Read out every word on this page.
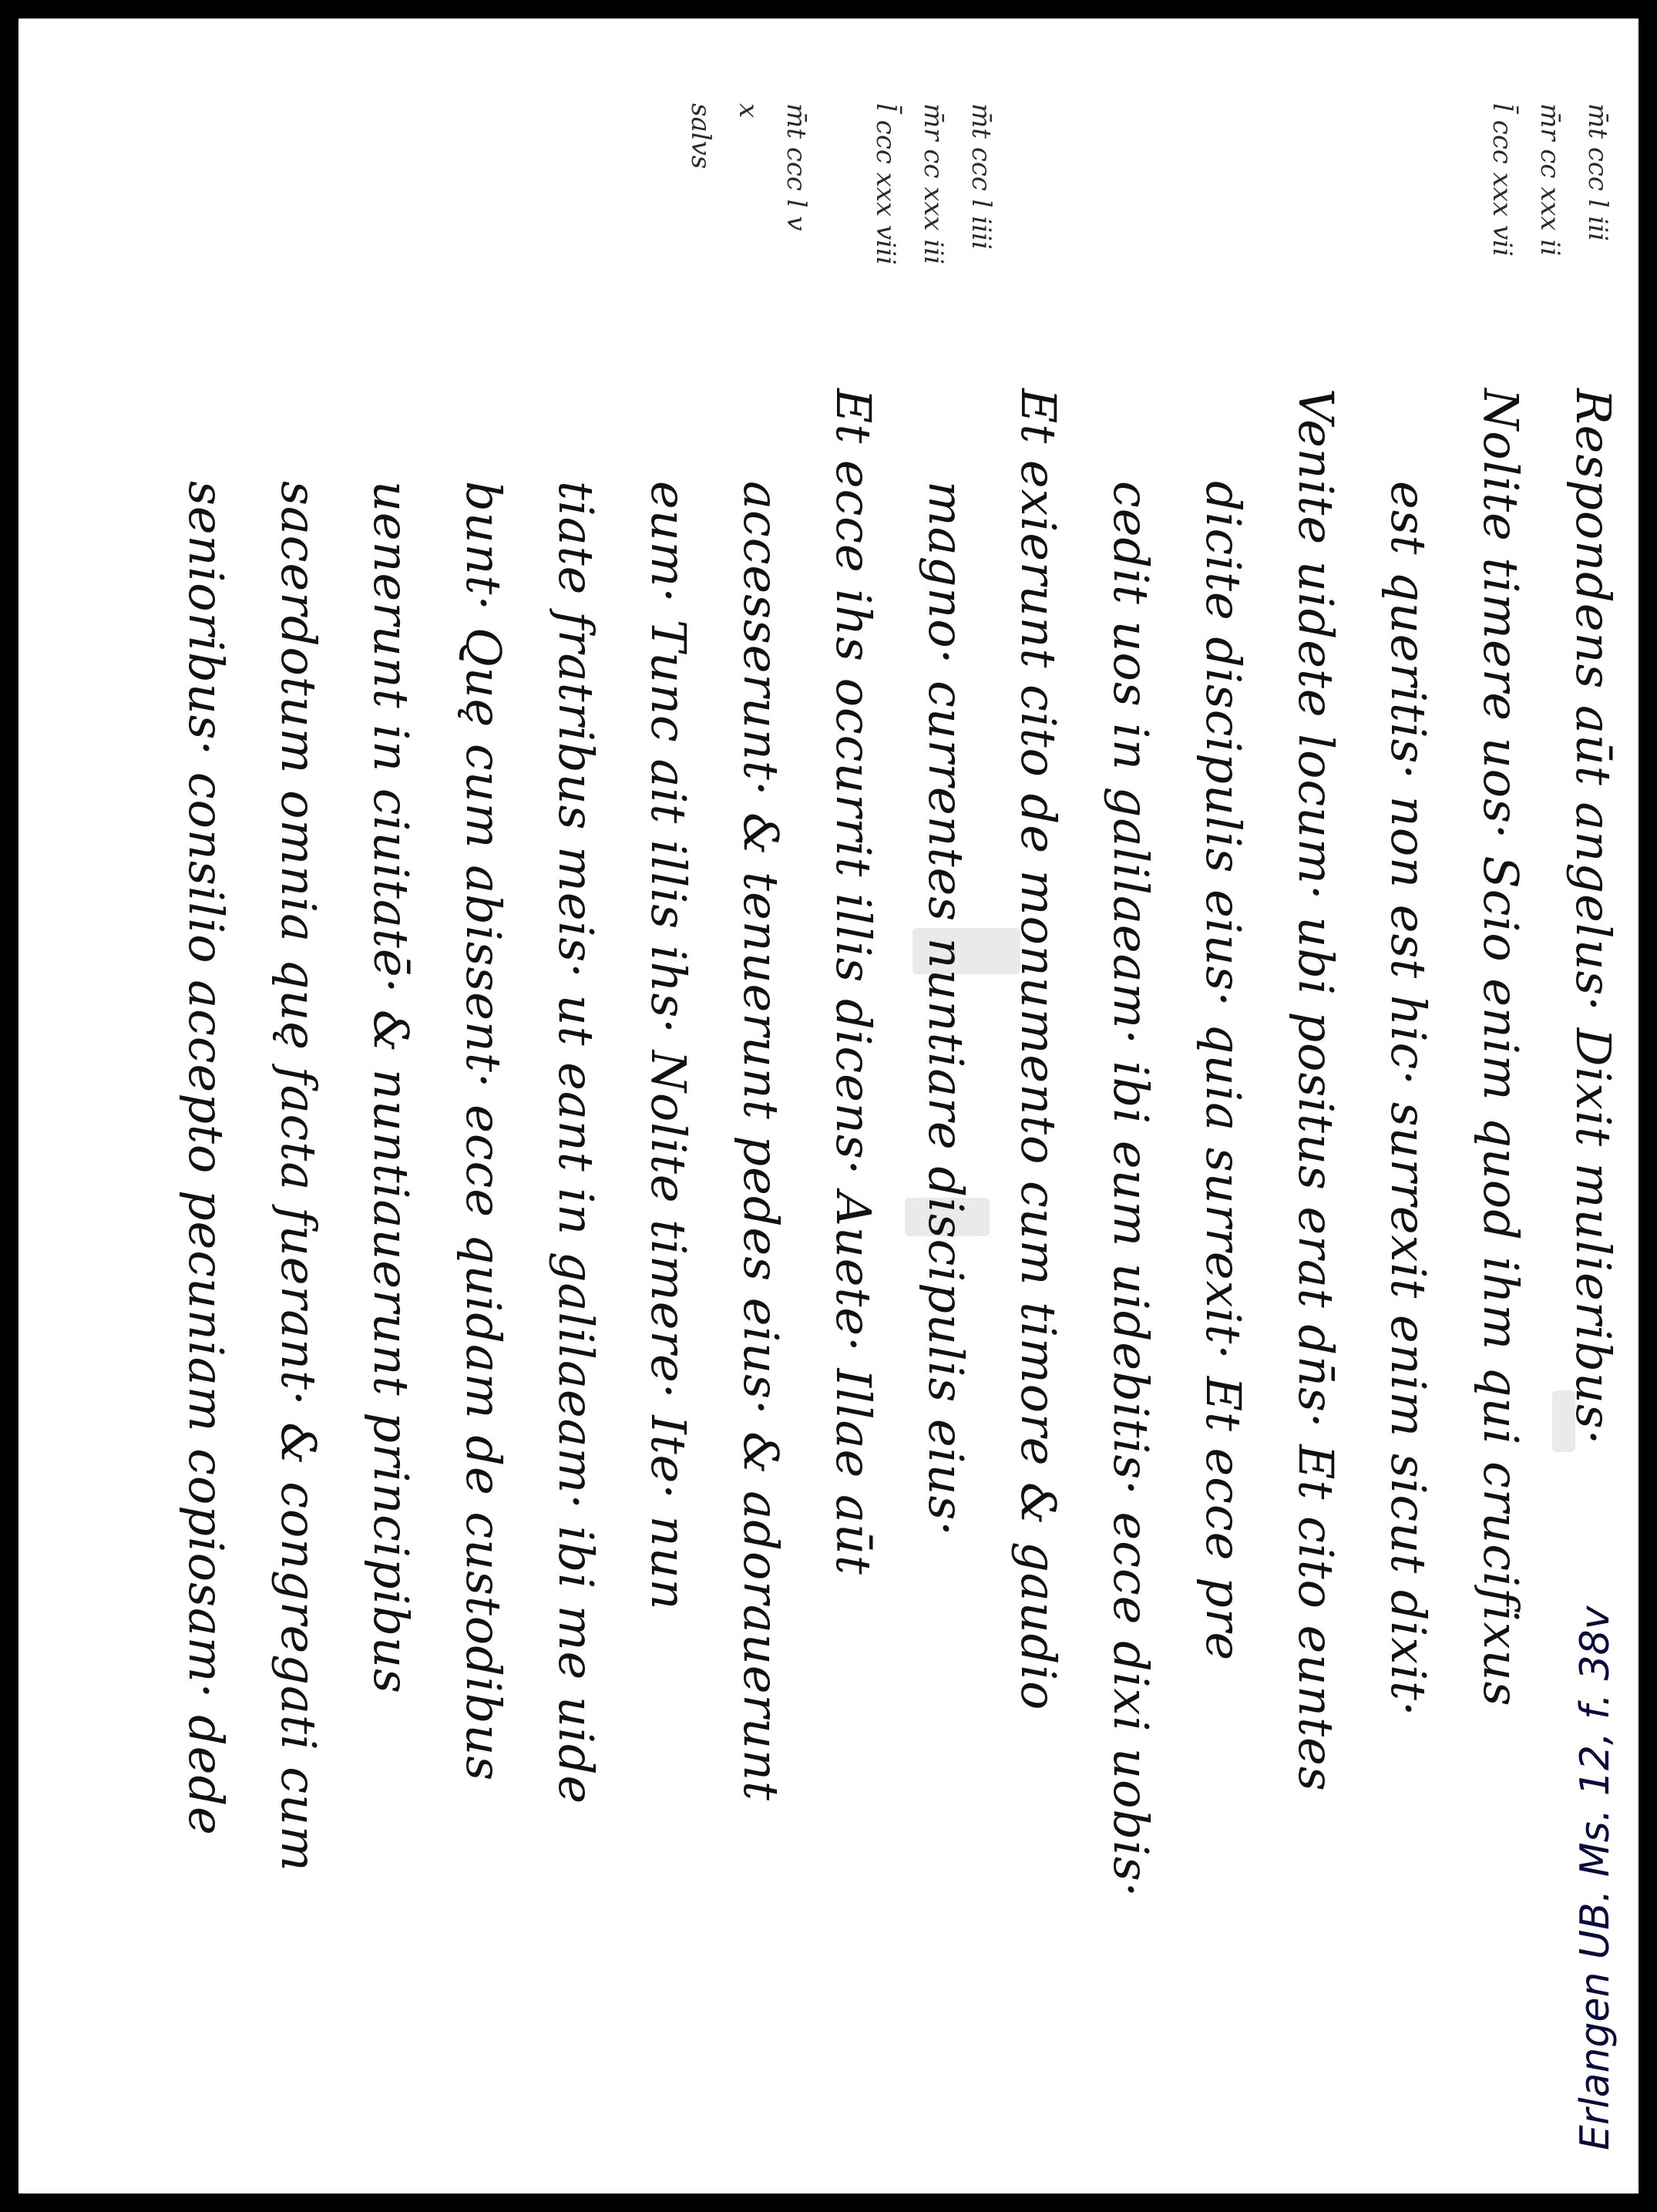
m̄t ccc l iii
m̄r cc xxx ii
l̄ ccc xxx vii
m̄t ccc l iiii
m̄r cc xxx iii
l̄ ccc xxx viii
m̄t ccc l v
x
salvs
Respondens aūt angelus· Dixit mulieribus·
Nolite timere uos· Scio enim quod ihm qui crucifixus
est queritis· non est hic· surrexit enim sicut dixit·
Venite uidete locum· ubi positus erat dn̄s· Et cito euntes
dicite discipulis eius· quia surrexit· Et ecce pre
cedit uos in galilaeam· ibi eum uidebitis· ecce dixi uobis·
Et exierunt cito de monumento cum timore & gaudio
magno· currentes nuntiare discipulis eius·
Et ecce ihs occurrit illis dicens· Auete· Illae aūt
accesserunt· & tenuerunt pedes eius· & adorauerunt
eum· Tunc ait illis ihs· Nolite timere· Ite· nun
tiate fratribus meis· ut eant in galilaeam· ibi me uide
bunt· Quę cum abissent· ecce quidam de custodibus
uenerunt in ciuitatē· & nuntiauerunt principibus
sacerdotum omnia quę facta fuerant· & congregati cum
senioribus· consilio accepto pecuniam copiosam· dede
Erlangen UB. Ms. 12, f. 38v
